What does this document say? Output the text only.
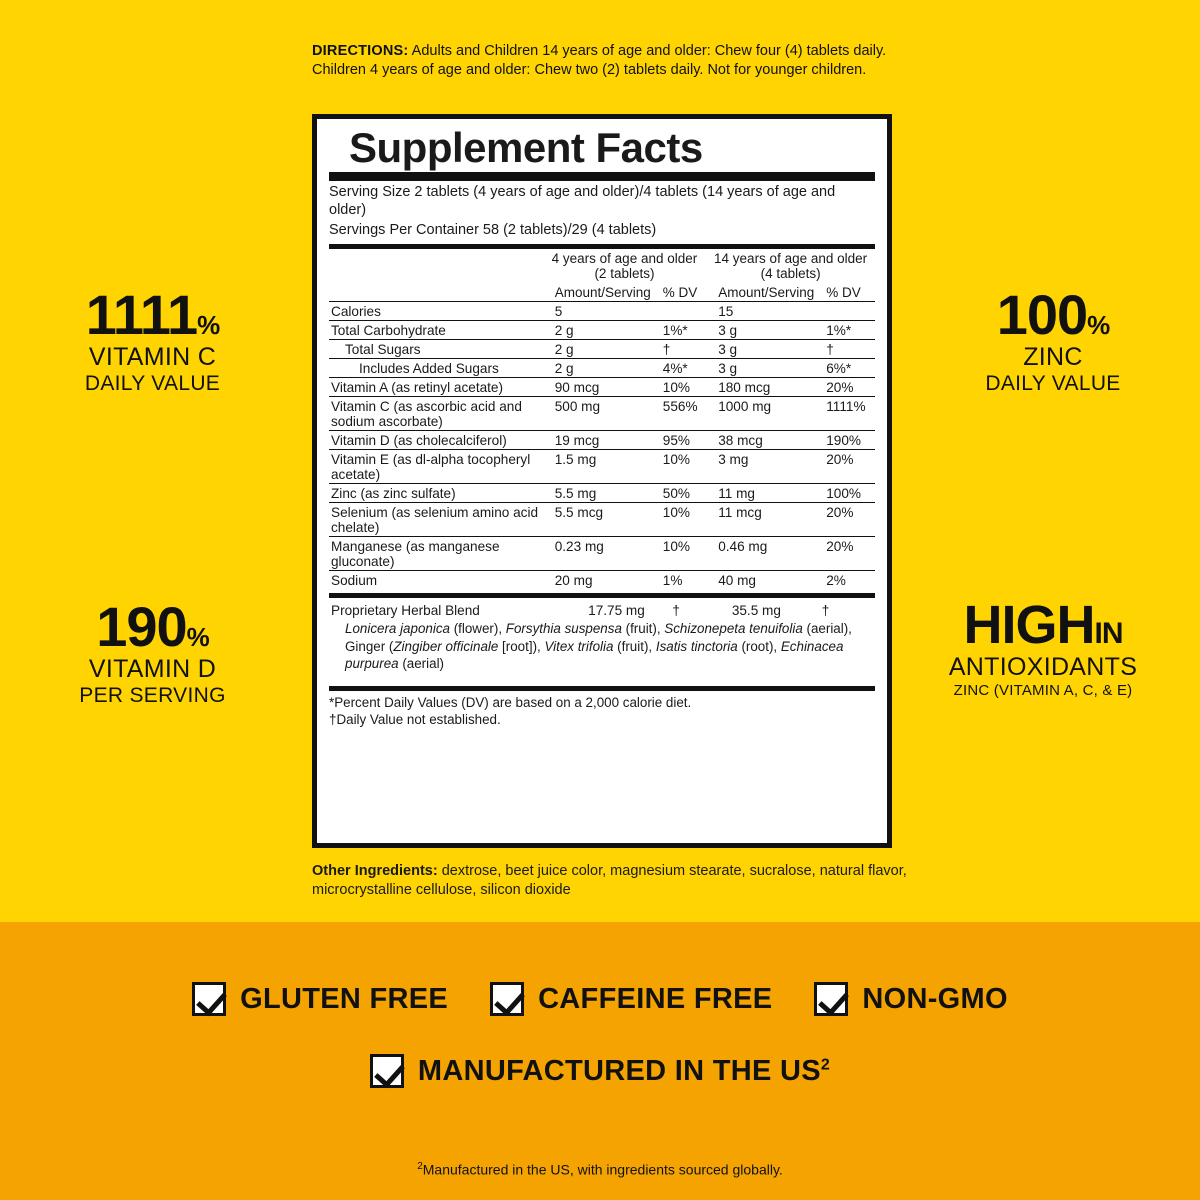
DIRECTIONS: Adults and Children 14 years of age and older: Chew four (4) tablets daily. Children 4 years of age and older: Chew two (2) tablets daily. Not for younger children.
1111%
VITAMIN C
DAILY VALUE
190%
VITAMIN D
PER SERVING
100%
ZINC
DAILY VALUE
HIGHIN
ANTIOXIDANTS
ZINC (VITAMIN A, C, & E)
Supplement Facts
Serving Size 2 tablets (4 years of age and older)/4 tablets (14 years of age and older)
Servings Per Container 58 (2 tablets)/29 (4 tablets)
	4 years of age and older
(2 tablets)		14 years of age and older
(4 tablets)	
	Amount/Serving	% DV	Amount/Serving	% DV
Calories	5		15	
Total Carbohydrate	2 g	1%*	3 g	1%*
Total Sugars	2 g	†	3 g	†
Includes Added Sugars	2 g	4%*	3 g	6%*
Vitamin A (as retinyl acetate)	90 mcg	10%	180 mcg	20%
Vitamin C (as ascorbic acid and sodium ascorbate)	500 mg	556%	1000 mg	1111%
Vitamin D (as cholecalciferol)	19 mcg	95%	38 mcg	190%
Vitamin E (as dl-alpha tocopheryl acetate)	1.5 mg	10%	3 mg	20%
Zinc (as zinc sulfate)	5.5 mg	50%	11 mg	100%
Selenium (as selenium amino acid chelate)	5.5 mcg	10%	11 mcg	20%
Manganese (as manganese gluconate)	0.23 mg	10%	0.46 mg	20%
Sodium	20 mg	1%	40 mg	2%
Proprietary Herbal Blend	17.75 mg	†	35.5 mg	†
Lonicera japonica (flower), Forsythia suspensa (fruit), Schizonepeta tenuifolia (aerial), Ginger (Zingiber officinale [root]), Vitex trifolia (fruit), Isatis tinctoria (root), Echinacea purpurea (aerial)
*Percent Daily Values (DV) are based on a 2,000 calorie diet.
†Daily Value not established.
Other Ingredients: dextrose, beet juice color, magnesium stearate, sucralose, natural flavor, microcrystalline cellulose, silicon dioxide
GLUTEN FREE	CAFFEINE FREE	NON-GMO
MANUFACTURED IN THE $US^2$
$^2$Manufactured in the US, with ingredients sourced globally.
